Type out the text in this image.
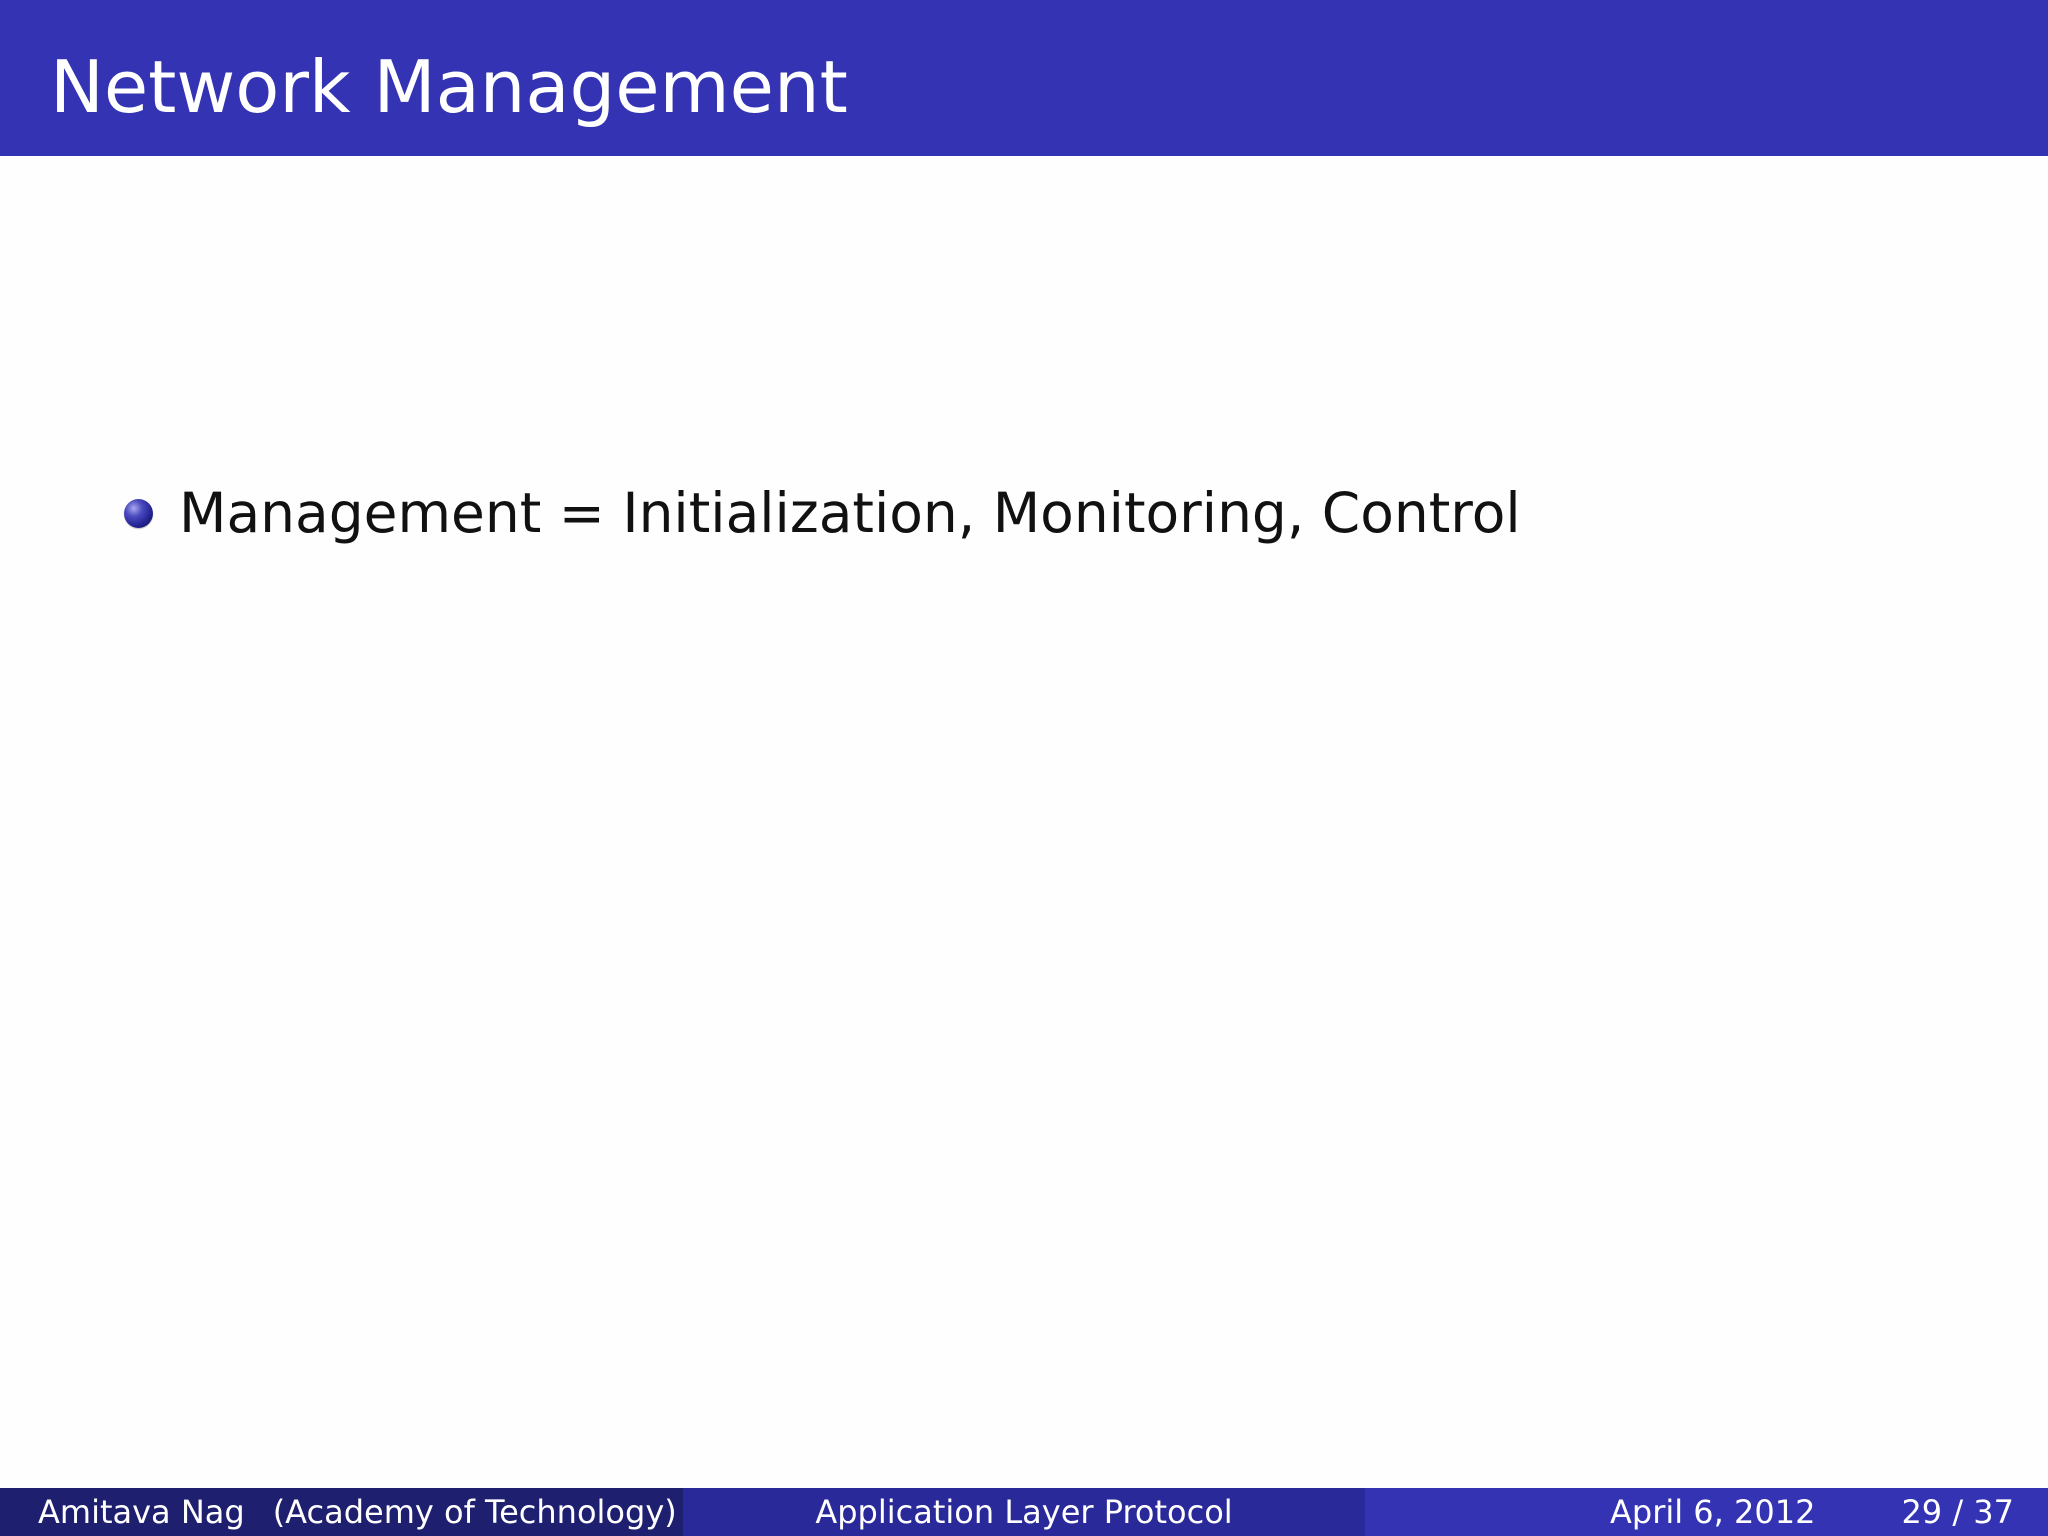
Network Management
Management = Initialization, Monitoring, Control
Amitava Nag (Academy of Technology)	Application Layer Protocol	April 6, 2012	29 / 37
